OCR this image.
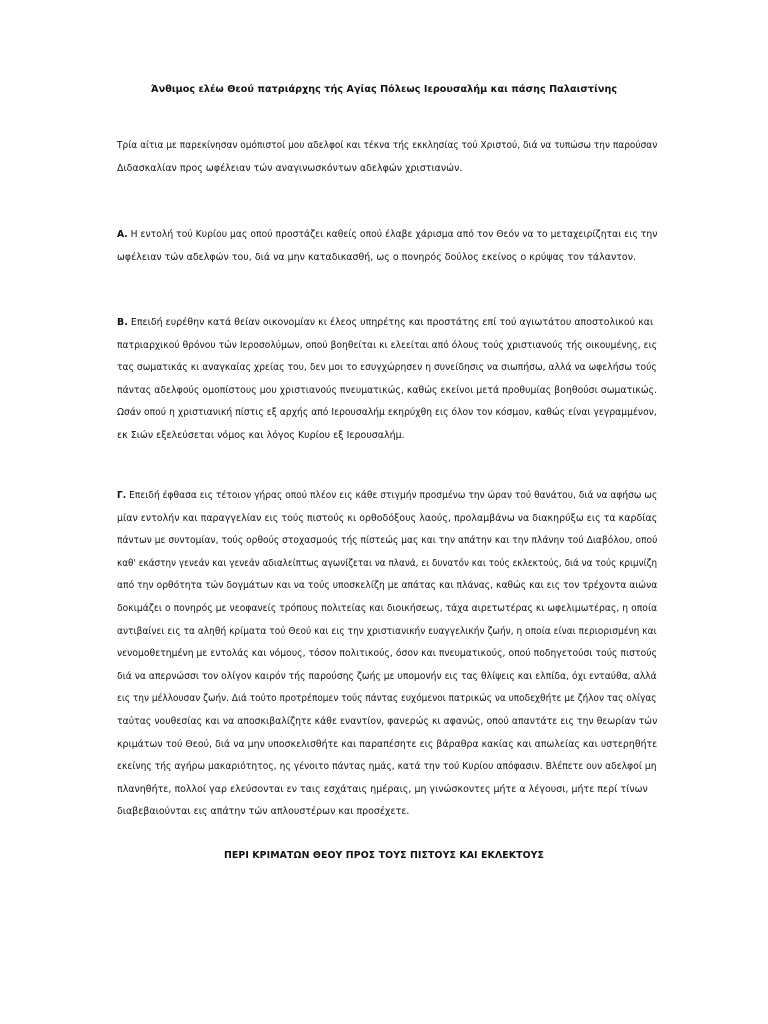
Άνθιμος ελέω Θεού πατριάρχης τής Αγίας Πόλεως Ιερουσαλήμ και πάσης Παλαιστίνης
Τρία αίτια με παρεκίνησαν ομόπιστοί μου αδελφοί και τέκνα τής εκκλησίας τού Χριστού, διά να τυπώσω την παρούσαν
Διδασκαλίαν προς ωφέλειαν τών αναγινωσκόντων αδελφών χριστιανών.
Α. Η εντολή τού Κυρίου μας οπού προστάζει καθείς οπού έλαβε χάρισμα από τον Θεόν να το μεταχειρίζηται εις την
ωφέλειαν τών αδελφών του, διά να μην καταδικασθή, ως ο πονηρός δούλος εκείνος ο κρύψας τον τάλαντον.
Β. Επειδή ευρέθην κατά θείαν οικονομίαν κι έλεος υπηρέτης και προστάτης επί τού αγιωτάτου αποστολικού και
πατριαρχικού θρόνου τών Ιεροσολύμων, οπού βοηθείται κι ελεείται από όλους τούς χριστιανούς τής οικουμένης, εις
τας σωματικάς κι αναγκαίας χρείας του, δεν μοι το εσυγχώρησεν η συνείδησις να σιωπήσω, αλλά να ωφελήσω τούς
πάντας αδελφούς ομοπίστους μου χριστιανούς πνευματικώς, καθώς εκείνοι μετά προθυμίας βοηθούσι σωματικώς.
Ωσάν οπού η χριστιανική πίστις εξ αρχής από Ιερουσαλήμ εκηρύχθη εις όλον τον κόσμον, καθώς είναι γεγραμμένον,
εκ Σιών εξελεύσεται νόμος και λόγος Κυρίου εξ Ιερουσαλήμ.
Γ. Επειδή έφθασα εις τέτοιον γήρας οπού πλέον εις κάθε στιγμήν προσμένω την ώραν τού θανάτου, διά να αφήσω ως
μίαν εντολήν και παραγγελίαν εις τούς πιστούς κι ορθοδόξους λαούς, προλαμβάνω να διακηρύξω εις τα καρδίας
πάντων με συντομίαν, τούς ορθούς στοχασμούς τής πίστεώς μας και την απάτην και την πλάνην τού Διαβόλου, οπού
καθ' εκάστην γενεάν και γενεάν αδιαλείπτως αγωνίζεται να πλανά, ει δυνατόν και τούς εκλεκτούς, διά να τούς κριμνίζη
από την ορθότητα τών δογμάτων και να τούς υποσκελίζη με απάτας και πλάνας, καθώς και εις τον τρέχοντα αιώνα
δοκιμάζει ο πονηρός με νεοφανείς τρόπους πολιτείας και διοικήσεως, τάχα αιρετωτέρας κι ωφελιμωτέρας, η οποία
αντιβαίνει εις τα αληθή κρίματα τού Θεού και εις την χριστιανικήν ευαγγελικήν ζωήν, η οποία είναι περιορισμένη και
νενομοθετημένη με εντολάς και νόμους, τόσον πολιτικούς, όσον και πνευματικούς, οπού ποδηγετούσι τούς πιστούς
διά να απερνώσσι τον ολίγον καιρόν τής παρούσης ζωής με υπομονήν εις τας θλίψεις και ελπίδα, όχι ενταύθα, αλλά
εις την μέλλουσαν ζωήν. Διά τούτο προτρέπομεν τούς πάντας ευχόμενοι πατρικώς να υποδεχθήτε με ζήλον τας ολίγας
ταύτας νουθεσίας και να αποσκιβαλίζητε κάθε εναντίον, φανερώς κι αφανώς, οπού απαντάτε εις την θεωρίαν τών
κριμάτων τού Θεού, διά να μην υποσκελισθήτε και παραπέσητε εις βάραθρα κακίας και απωλείας και υστερηθήτε
εκείνης τής αγήρω μακαριότητος, ης γένοιτο πάντας ημάς, κατά την τού Κυρίου απόφασιν. Βλέπετε ουν αδελφοί μη
πλανηθήτε, πολλοί γαρ ελεύσονται εν ταις εσχάταις ημέραις, μη γινώσκοντες μήτε α λέγουσι, μήτε περί τίνων
διαβεβαιούνται εις απάτην τών απλουστέρων και προσέχετε.
ΠΕΡΙ ΚΡΙΜΑΤΩΝ ΘΕΟΥ ΠΡΟΣ ΤΟΥΣ ΠΙΣΤΟΥΣ ΚΑΙ ΕΚΛΕΚΤΟΥΣ
